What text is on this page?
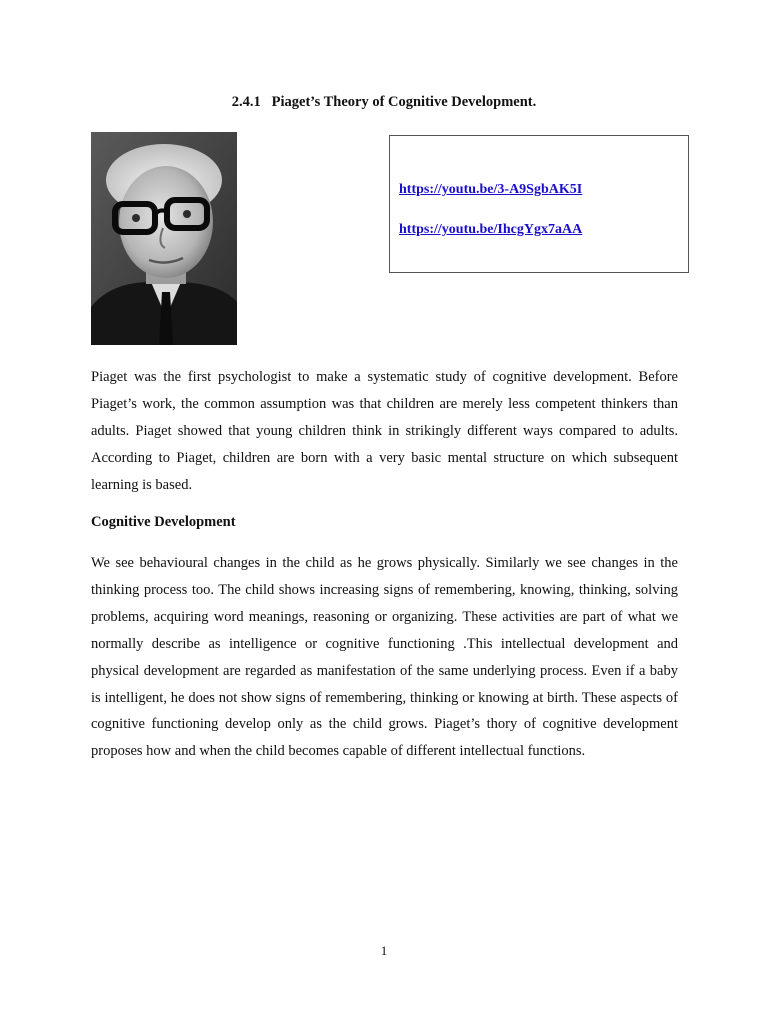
2.4.1   Piaget’s Theory of Cognitive Development.
https://youtu.be/3-A9SgbAK5I
https://youtu.be/IhcgYgx7aAA

Piaget was the first psychologist to make a systematic study of cognitive development. Before Piaget’s work, the common assumption was that children are merely less competent thinkers than adults. Piaget showed that young children think in strikingly different ways compared to adults. According to Piaget, children are born with a very basic mental structure on which subsequent learning is based.

Cognitive Development

We see behavioural changes in the child as he grows physically. Similarly we see changes in the thinking process too. The child shows increasing signs of remembering, knowing, thinking, solving problems, acquiring word meanings, reasoning or organizing. These activities are part of what we normally describe as intelligence or cognitive functioning .This intellectual development and physical development are regarded as manifestation of the same underlying process. Even if a baby is intelligent, he does not show signs of remembering, thinking or knowing at birth. These aspects of cognitive functioning develop only as the child grows. Piaget’s thory of cognitive development proposes how and when the child becomes capable of different intellectual functions.

1
